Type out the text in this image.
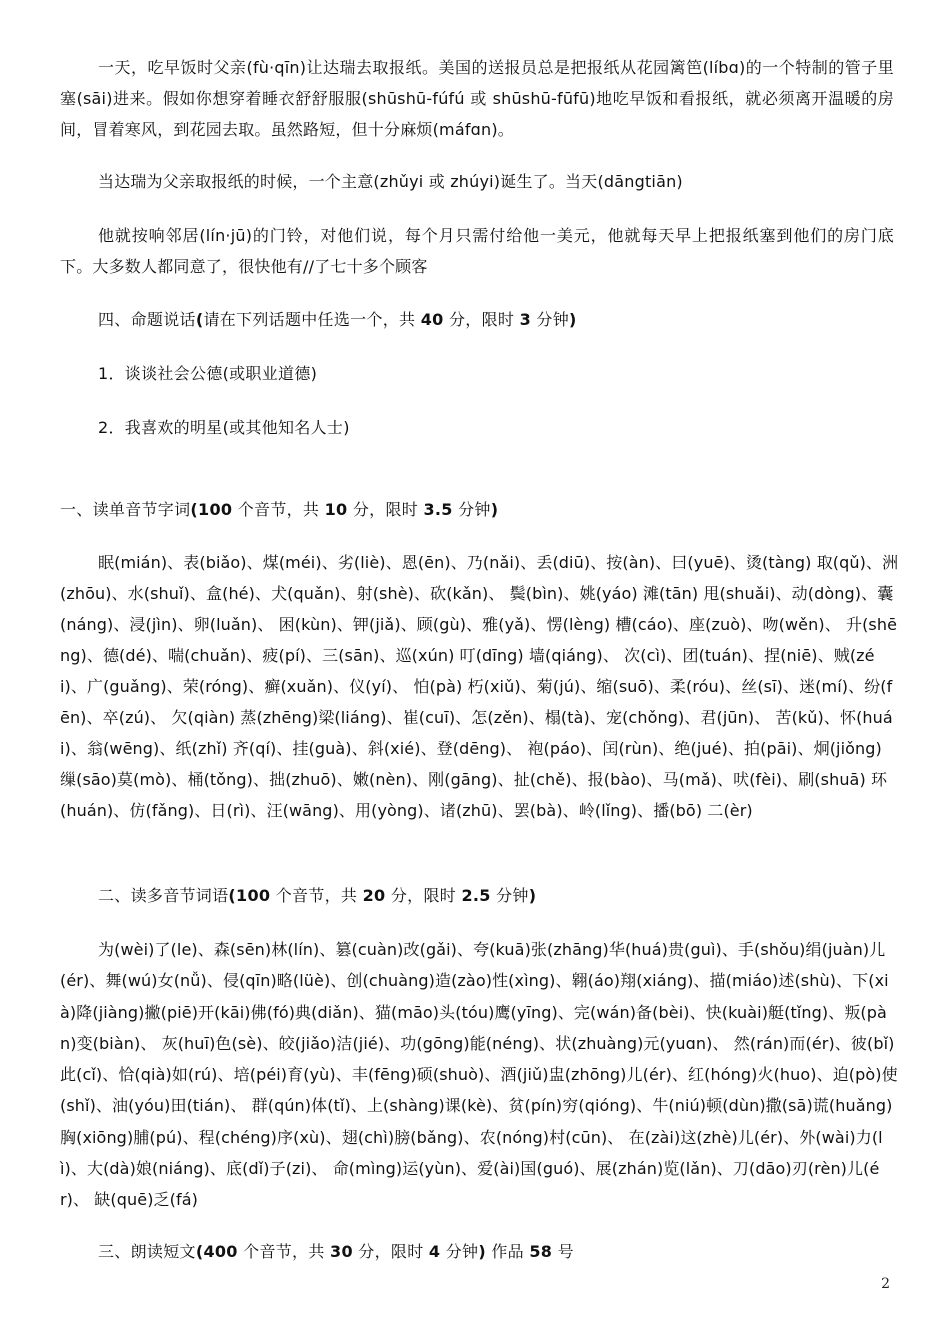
一天，吃早饭时父亲(fù·qīn)让达瑞去取报纸。美国的送报员总是把报纸从花园篱笆(líbɑ)的一个特制的管子里塞(sāi)进来。假如你想穿着睡衣舒舒服服(shūshū-fúfú 或 shūshū-fūfū)地吃早饭和看报纸，就必须离开温暖的房间，冒着寒风，到花园去取。虽然路短，但十分麻烦(máfɑn)。

当达瑞为父亲取报纸的时候，一个主意(zhǔyi 或 zhúyi)诞生了。当天(dāngtiān)

他就按响邻居(lín·jū)的门铃，对他们说，每个月只需付给他一美元，他就每天早上把报纸塞到他们的房门底下。大多数人都同意了，很快他有//了七十多个顾客

四、命题说话(请在下列话题中任选一个，共 40 分，限时 3 分钟)

1．谈谈社会公德(或职业道德)

2．我喜欢的明星(或其他知名人士)

一、读单音节字词(100 个音节，共 10 分，限时 3.5 分钟)

眠(mián)、表(biǎo)、煤(méi)、劣(liè)、恩(ēn)、乃(nǎi)、丢(diū)、按(àn)、曰(yuē)、烫(tàng) 取(qǔ)、洲(zhōu)、水(shuǐ)、盒(hé)、犬(quǎn)、射(shè)、砍(kǎn)、 鬓(bìn)、姚(yáo) 滩(tān) 甩(shuǎi)、动(dòng)、囊(náng)、浸(jìn)、卵(luǎn)、 困(kùn)、钾(jiǎ)、顾(gù)、雅(yǎ)、愣(lèng) 槽(cáo)、座(zuò)、吻(wěn)、 升(shēng)、德(dé)、喘(chuǎn)、疲(pí)、三(sān)、巡(xún) 叮(dīng) 墙(qiáng)、 次(cì)、团(tuán)、捏(niē)、贼(zéi)、广(guǎng)、荣(róng)、癣(xuǎn)、仪(yí)、 怕(pà) 朽(xiǔ)、菊(jú)、缩(suō)、柔(róu)、丝(sī)、迷(mí)、纷(fēn)、卒(zú)、 欠(qiàn) 蒸(zhēng)梁(liáng)、崔(cuī)、怎(zěn)、榻(tà)、宠(chǒng)、君(jūn)、 苦(kǔ)、怀(huái)、翁(wēng)、纸(zhǐ) 齐(qí)、挂(guà)、斜(xié)、登(dēng)、 袍(páo)、闰(rùn)、绝(jué)、拍(pāi)、炯(jiǒng) 缫(sāo)莫(mò)、桶(tǒng)、拙(zhuō)、嫩(nèn)、刚(gāng)、扯(chě)、报(bào)、马(mǎ)、吠(fèi)、刷(shuā) 环(huán)、仿(fǎng)、日(rì)、汪(wāng)、用(yòng)、诸(zhū)、罢(bà)、岭(lǐng)、播(bō) 二(èr)

二、读多音节词语(100 个音节，共 20 分，限时 2.5 分钟)

为(wèi)了(le)、森(sēn)林(lín)、篡(cuàn)改(gǎi)、夸(kuā)张(zhāng)华(huá)贵(guì)、手(shǒu)绢(juàn)儿(ér)、舞(wú)女(nǚ)、侵(qīn)略(lüè)、创(chuàng)造(zào)性(xìng)、翱(áo)翔(xiáng)、描(miáo)述(shù)、下(xià)降(jiàng)撇(piē)开(kāi)佛(fó)典(diǎn)、猫(māo)头(tóu)鹰(yīng)、完(wán)备(bèi)、快(kuài)艇(tǐng)、叛(pàn)变(biàn)、 灰(huī)色(sè)、皎(jiǎo)洁(jié)、功(gōng)能(néng)、状(zhuàng)元(yuɑn)、 然(rán)而(ér)、彼(bǐ)此(cǐ)、恰(qià)如(rú)、培(péi)育(yù)、丰(fēng)硕(shuò)、酒(jiǔ)盅(zhōng)儿(ér)、红(hóng)火(huo)、迫(pò)使(shǐ)、油(yóu)田(tián)、 群(qún)体(tǐ)、上(shàng)课(kè)、贫(pín)穷(qióng)、牛(niú)顿(dùn)撒(sā)谎(huǎng)胸(xiōng)脯(pú)、程(chéng)序(xù)、翅(chì)膀(bǎng)、农(nóng)村(cūn)、 在(zài)这(zhè)儿(ér)、外(wài)力(lì)、大(dà)娘(niáng)、底(dǐ)子(zi)、 命(mìng)运(yùn)、爱(ài)国(guó)、展(zhán)览(lǎn)、刀(dāo)刃(rèn)儿(ér)、 缺(quē)乏(fá)

三、朗读短文(400 个音节，共 30 分，限时 4 分钟) 作品 58 号

2
